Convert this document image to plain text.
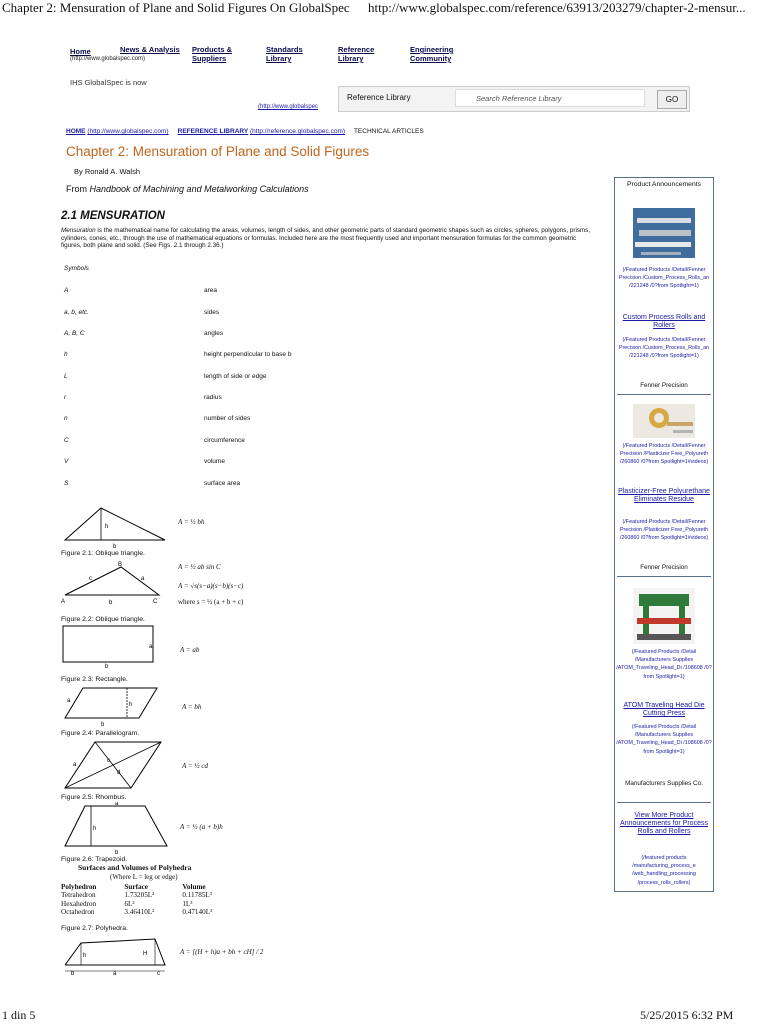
Chapter 2: Mensuration of Plane and Solid Figures On GlobalSpec http://www.globalspec.com/reference/63913/203279/chapter-2-mensur...
Home
(http://www.globalspec.com)
News & Analysis Products & Suppliers
Standards Library
Reference Library
Engineering Community
IHS GlobalSpec is now
(http://www.globalspec
Reference Library	Search Reference Library	GO
HOME (http://www.globalspec.com) REFERENCE LIBRARY (http://reference.globalspec.com) TECHNICAL ARTICLES
Chapter 2: Mensuration of Plane and Solid Figures
By Ronald A. Walsh
From Handbook of Machining and Metalworking Calculations
2.1 MENSURATION
Mensuration is the mathematical name for calculating the areas, volumes, length of sides, and other geometric parts of standard geometric shapes such as circles, spheres, polygons, prisms, cylinders, cones, etc., through the use of mathematical equations or formulas. Included here are the most frequently used and important mensuration formulas for the common geometric figures, both plane and solid. (See Figs. 2.1 through 2.36.)
Symbols
A	area
a, b, etc.	sides
A, B, C	angles
h	height perpendicular to base b
L	length of side or edge
r	radius
n	number of sides
C	circumference
V	volume
S	surface area
h
b
A = ½ bh
Figure 2.1: Oblique triangle.
A
B
C
c	a
b
A = ½ ab sin C
A = √s(s−a)(s−b)(s−c)
where s = ½ (a + b + c)
Figure 2.2: Oblique triangle.
a
b
A = ab
Figure 2.3: Rectangle.
a
h
b
A = bh
Figure 2.4: Parallelogram.
a
c
d
A = ½ cd
Figure 2.5: Rhombus.
h
a
b
A = ½ (a + b)h
Figure 2.6: Trapezoid.
Surfaces and Volumes of Polyhedra
(Where L = leg or edge)
Polyhedron	Surface	Volume
Tetrahedron	1.73205L²	0.11785L³
Hexahedron	6L²	1L³
Octahedron	3.46410L²	0.47140L³
Figure 2.7: Polyhedra.
h	H
b	a	c
A = [(H + h)a + bh + cH] / 2
Product Announcements
(/Featured Products /Detail/Fenner Precision /Custom_Process_Rolls_an /221248 /0?from Spotlight=1)
Custom Process Rolls and Rollers
(/Featured Products /Detail/Fenner Precision /Custom_Process_Rolls_an /221248 /0?from Spotlight=1)
Fenner Precision
(/Featured Products /Detail/Fenner Precision /Plasticizer Free_Polyureth /260860 /0?from Spotlight=1#videos)
Plasticizer-Free Polyurethane Eliminates Residue
(/Featured Products /Detail/Fenner Precision /Plasticizer Free_Polyureth /260860 /0?from Spotlight=1#videos)
Fenner Precision
(/Featured Products /Detail /Manufacturers Supplies /ATOM_Traveling_Head_Di /108608 /0?from Spotlight=1)
ATOM Traveling Head Die Cutting Press
(/Featured Products /Detail /Manufacturers Supplies /ATOM_Traveling_Head_Di /108608 /0?from Spotlight=1)
Manufacturers Supplies Co.
View More Product Announcements for Process Rolls and Rollers
(/featured products /manufacturing_process_e /web_handling_processing /process_rolls_rollers)
1 din 5	5/25/2015 6:32 PM
